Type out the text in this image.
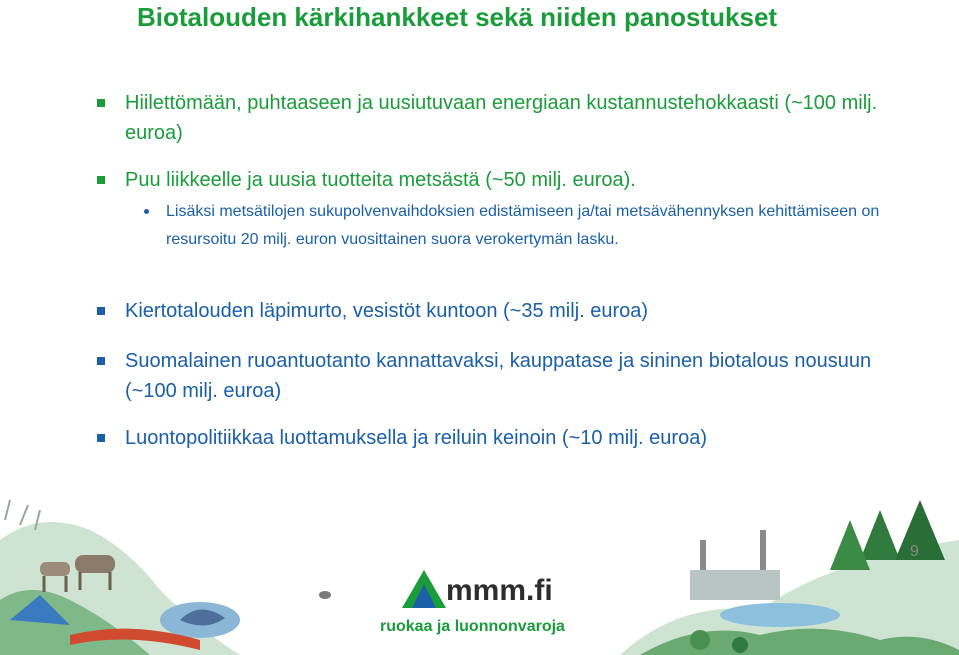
Biotalouden kärkihankkeet sekä niiden panostukset
Hiilettömään, puhtaaseen ja uusiutuvaan energiaan kustannustehokkaasti (~100 milj. euroa)
Puu liikkeelle ja uusia tuotteita metsästä (~50 milj. euroa).
Lisäksi metsätilojen sukupolvenvaihdoksien edistämiseen ja/tai metsävähennyksen kehittämiseen on resursoitu 20 milj. euron vuosittainen suora verokertymän lasku.
Kiertotalouden läpimurto, vesistöt kuntoon (~35 milj. euroa)
Suomalainen ruoantuotanto kannattavaksi, kauppatase ja sininen biotalous nousuun (~100 milj. euroa)
Luontopolitiikkaa luottamuksella ja reiluin keinoin (~10 milj. euroa)
9
mmm.fi
ruokaa ja luonnonvaroja
